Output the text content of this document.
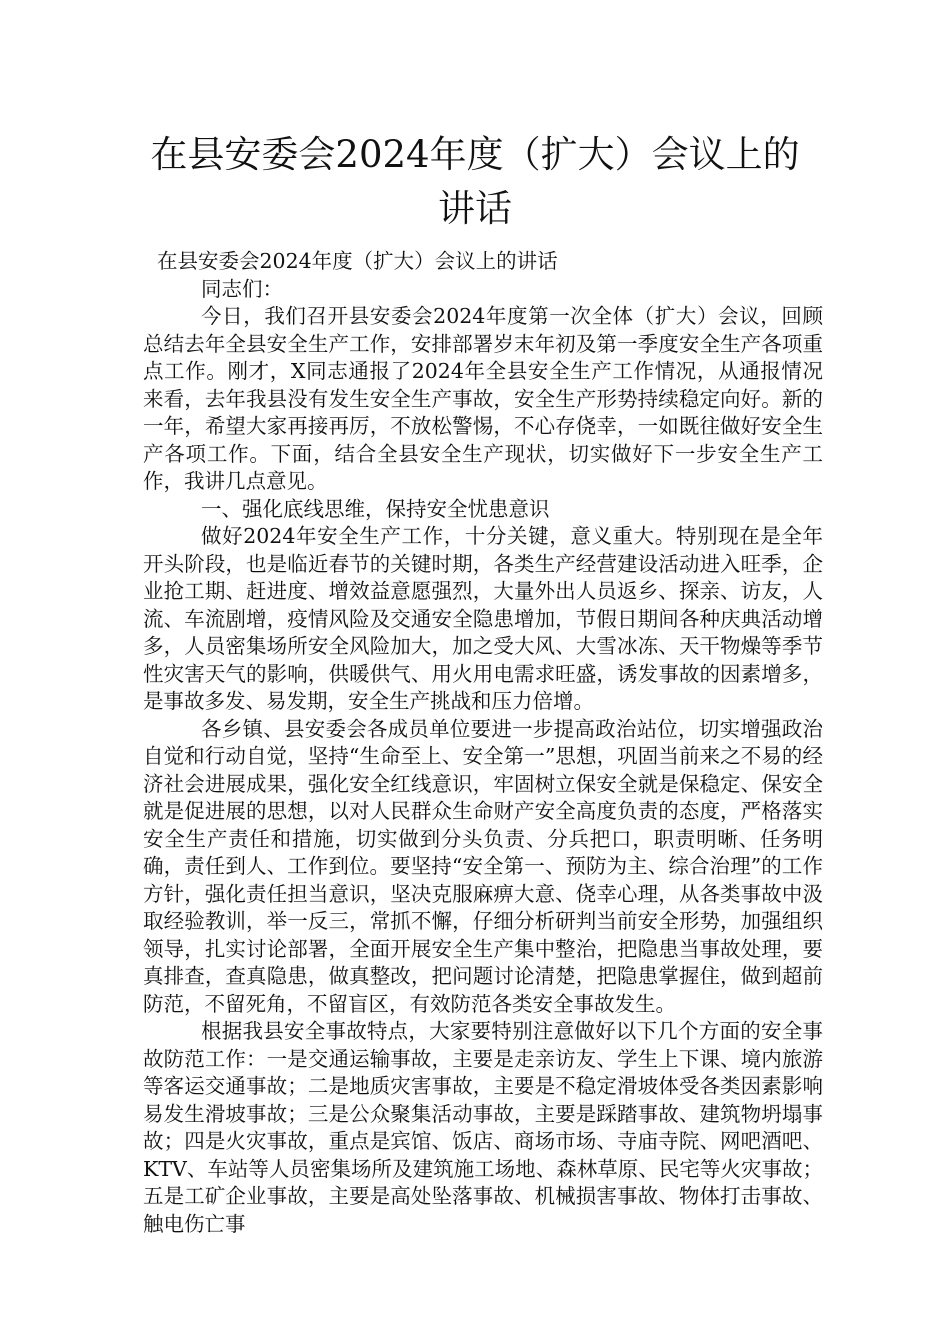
在县安委会2024年度（扩大）会议上的讲话

在县安委会2024年度（扩大）会议上的讲话

同志们：

今日，我们召开县安委会2024年度第一次全体（扩大）会议，回顾总结去年全县安全生产工作，安排部署岁末年初及第一季度安全生产各项重点工作。刚才，X同志通报了2024年全县安全生产工作情况，从通报情况来看，去年我县没有发生安全生产事故，安全生产形势持续稳定向好。新的一年，希望大家再接再厉，不放松警惕，不心存侥幸，一如既往做好安全生产各项工作。下面，结合全县安全生产现状，切实做好下一步安全生产工作，我讲几点意见。

一、强化底线思维，保持安全忧患意识

做好2024年安全生产工作，十分关键，意义重大。特别现在是全年开头阶段，也是临近春节的关键时期，各类生产经营建设活动进入旺季，企业抢工期、赶进度、增效益意愿强烈，大量外出人员返乡、探亲、访友，人流、车流剧增，疫情风险及交通安全隐患增加，节假日期间各种庆典活动增多，人员密集场所安全风险加大，加之受大风、大雪冰冻、天干物燥等季节性灾害天气的影响，供暖供气、用火用电需求旺盛，诱发事故的因素增多，是事故多发、易发期，安全生产挑战和压力倍增。

各乡镇、县安委会各成员单位要进一步提高政治站位，切实增强政治自觉和行动自觉，坚持“生命至上、安全第一”思想，巩固当前来之不易的经济社会进展成果，强化安全红线意识，牢固树立保安全就是保稳定、保安全就是促进展的思想，以对人民群众生命财产安全高度负责的态度，严格落实安全生产责任和措施，切实做到分头负责、分兵把口，职责明晰、任务明确，责任到人、工作到位。要坚持“安全第一、预防为主、综合治理”的工作方针，强化责任担当意识，坚决克服麻痹大意、侥幸心理，从各类事故中汲取经验教训，举一反三，常抓不懈，仔细分析研判当前安全形势，加强组织领导，扎实讨论部署，全面开展安全生产集中整治，把隐患当事故处理，要真排查，查真隐患，做真整改，把问题讨论清楚，把隐患掌握住，做到超前防范，不留死角，不留盲区，有效防范各类安全事故发生。

根据我县安全事故特点，大家要特别注意做好以下几个方面的安全事故防范工作：一是交通运输事故，主要是走亲访友、学生上下课、境内旅游等客运交通事故；二是地质灾害事故，主要是不稳定滑坡体受各类因素影响易发生滑坡事故；三是公众聚集活动事故，主要是踩踏事故、建筑物坍塌事故；四是火灾事故，重点是宾馆、饭店、商场市场、寺庙寺院、网吧酒吧、KTV、车站等人员密集场所及建筑施工场地、森林草原、民宅等火灾事故；五是工矿企业事故，主要是高处坠落事故、机械损害事故、物体打击事故、触电伤亡事
